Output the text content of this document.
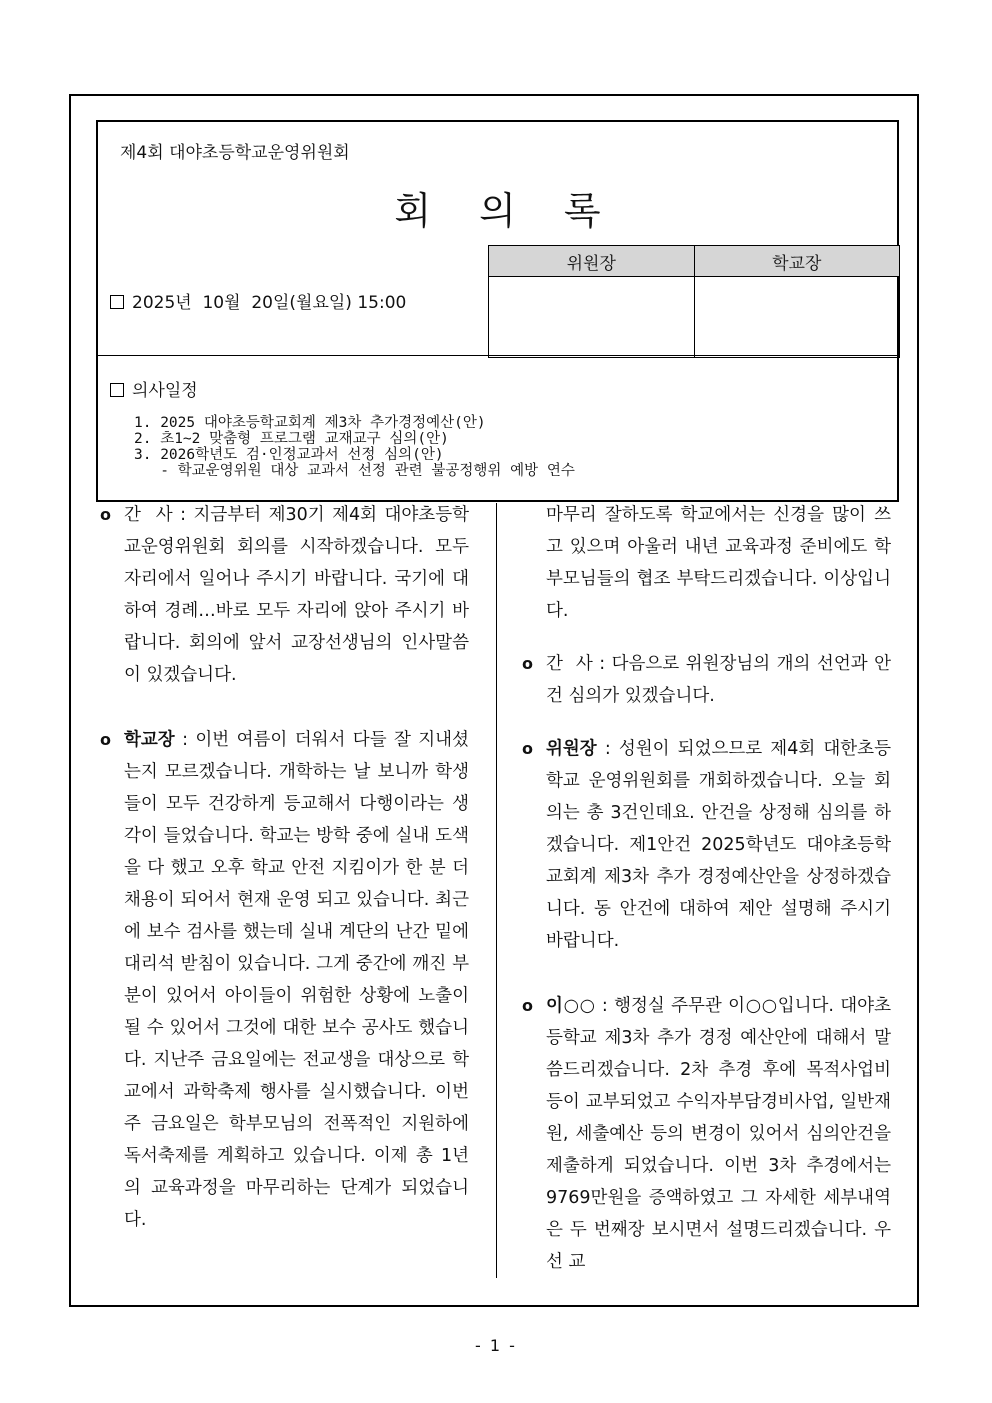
제4회 대야초등학교운영위원회
회의록
위원장	학교장

2025년  10월  20일(월요일) 15:00
의사일정
1. 2025 대야초등학교회계 제3차 추가경정예산(안)
2. 초1~2 맞춤형 프로그램 교재교구 심의(안)
3. 2026학년도 검·인정교과서 선정 심의(안)
- 학교운영위원 대상 교과서 선정 관련 불공정행위 예방 연수

o 간  사 : 지금부터 제30기 제4회 대야초등학교운영위원회 회의를 시작하겠습니다. 모두 자리에서 일어나 주시기 바랍니다. 국기에 대하여 경례…바로 모두 자리에 앉아 주시기 바랍니다. 회의에 앞서 교장선생님의 인사말씀이 있겠습니다.

o 학교장 : 이번 여름이 더워서 다들 잘 지내셨는지 모르겠습니다. 개학하는 날 보니까 학생들이 모두 건강하게 등교해서 다행이라는 생각이 들었습니다. 학교는 방학 중에 실내 도색을 다 했고 오후 학교 안전 지킴이가 한 분 더 채용이 되어서 현재 운영 되고 있습니다. 최근에 보수 검사를 했는데 실내 계단의 난간 밑에 대리석 받침이 있습니다. 그게 중간에 깨진 부분이 있어서 아이들이 위험한 상황에 노출이 될 수 있어서 그것에 대한 보수 공사도 했습니다. 지난주 금요일에는 전교생을 대상으로 학교에서 과학축제 행사를 실시했습니다. 이번주 금요일은 학부모님의 전폭적인 지원하에 독서축제를 계획하고 있습니다. 이제 총 1년의 교육과정을 마무리하는 단계가 되었습니다.

마무리 잘하도록 학교에서는 신경을 많이 쓰고 있으며 아울러 내년 교육과정 준비에도 학부모님들의 협조 부탁드리겠습니다. 이상입니다.

o 간  사 : 다음으로 위원장님의 개의 선언과 안건 심의가 있겠습니다.

o 위원장 : 성원이 되었으므로 제4회 대한초등학교 운영위원회를 개회하겠습니다. 오늘 회의는 총 3건인데요. 안건을 상정해 심의를 하겠습니다. 제1안건 2025학년도 대야초등학교회계 제3차 추가 경정예산안을 상정하겠습니다. 동 안건에 대하여 제안 설명해 주시기 바랍니다.

o 이○○ : 행정실 주무관 이○○입니다. 대야초등학교 제3차 추가 경정 예산안에 대해서 말씀드리겠습니다. 2차 추경 후에 목적사업비 등이 교부되었고 수익자부담경비사업, 일반재원, 세출예산 등의 변경이 있어서 심의안건을 제출하게 되었습니다. 이번 3차 추경에서는 9769만원을 증액하였고 그 자세한 세부내역은 두 번째장 보시면서 설명드리겠습니다. 우선 교

- 1 -
